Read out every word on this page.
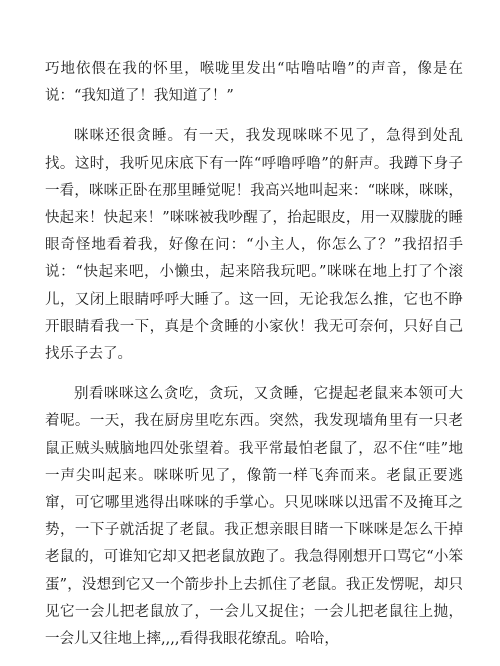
巧地依偎在我的怀里，喉咙里发出“咕噜咕噜”的声音，像是在说：“我知道了！我知道了！”

咪咪还很贪睡。有一天，我发现咪咪不见了，急得到处乱找。这时，我听见床底下有一阵“呼噜呼噜”的鼾声。我蹲下身子一看，咪咪正卧在那里睡觉呢！我高兴地叫起来：“咪咪，咪咪，快起来！快起来！”咪咪被我吵醒了，抬起眼皮，用一双朦胧的睡眼奇怪地看着我，好像在问：“小主人，你怎么了？”我招招手说：“快起来吧，小懒虫，起来陪我玩吧。”咪咪在地上打了个滚儿，又闭上眼睛呼呼大睡了。这一回，无论我怎么推，它也不睁开眼睛看我一下，真是个贪睡的小家伙！我无可奈何，只好自己找乐子去了。

别看咪咪这么贪吃，贪玩，又贪睡，它提起老鼠来本领可大着呢。一天，我在厨房里吃东西。突然，我发现墙角里有一只老鼠正贼头贼脑地四处张望着。我平常最怕老鼠了，忍不住“哇”地一声尖叫起来。咪咪听见了，像箭一样飞奔而来。老鼠正要逃窜，可它哪里逃得出咪咪的手掌心。只见咪咪以迅雷不及掩耳之势，一下子就活捉了老鼠。我正想亲眼目睹一下咪咪是怎么干掉老鼠的，可谁知它却又把老鼠放跑了。我急得刚想开口骂它“小笨蛋”，没想到它又一个箭步扑上去抓住了老鼠。我正发愣呢，却只见它一会儿把老鼠放了，一会儿又捉住；一会儿把老鼠往上抛，一会儿又往地上摔,,,,看得我眼花缭乱。哈哈，
